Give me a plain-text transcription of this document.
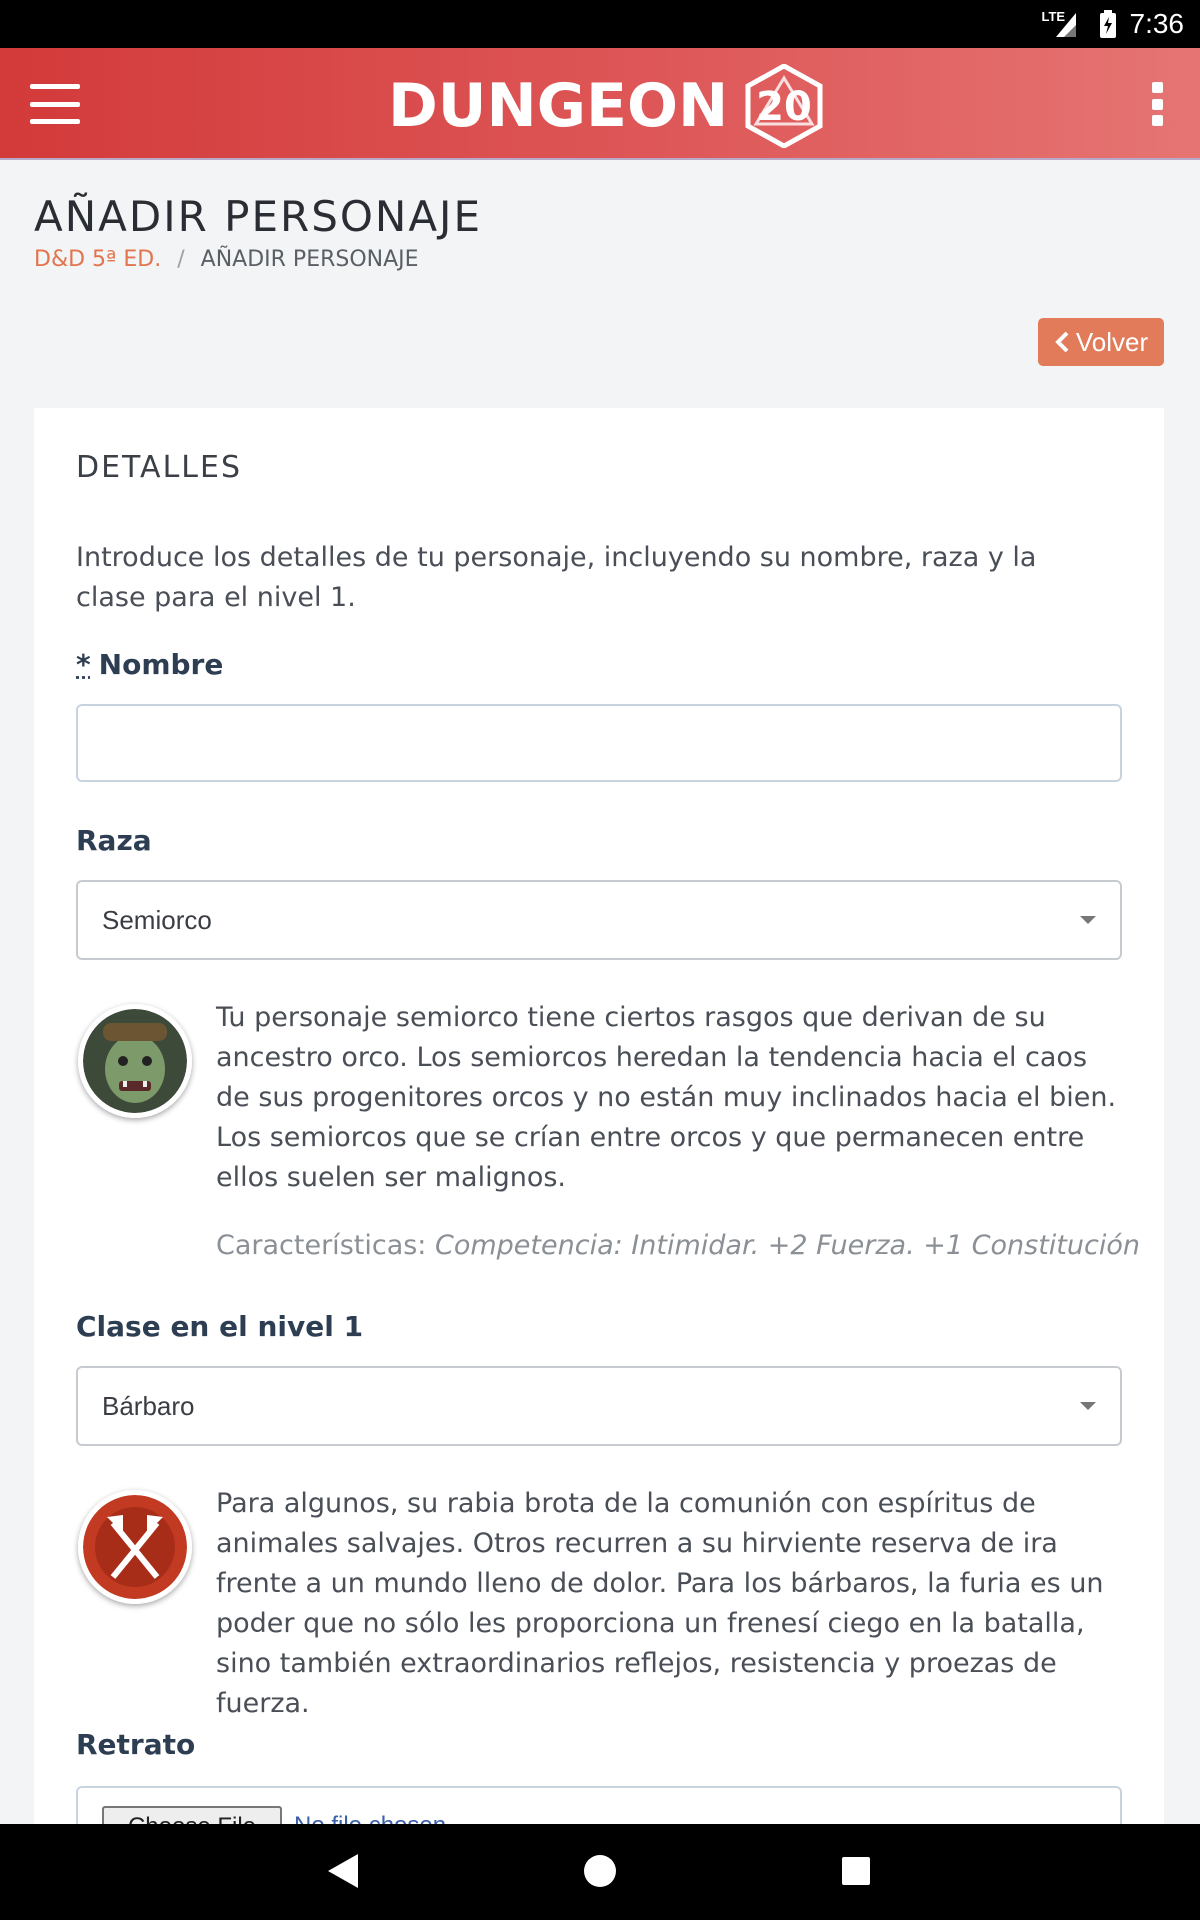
LTE 7:36
DUNGEON 20
AÑADIR PERSONAJE
D&D 5ª ED. / AÑADIR PERSONAJE
Volver
DETALLES
Introduce los detalles de tu personaje, incluyendo su nombre, raza y la clase para el nivel 1.
* Nombre
Raza
Semiorco
Tu personaje semiorco tiene ciertos rasgos que derivan de su ancestro orco. Los semiorcos heredan la tendencia hacia el caos de sus progenitores orcos y no están muy inclinados hacia el bien. Los semiorcos que se crían entre orcos y que permanecen entre ellos suelen ser malignos.
Características: Competencia: Intimidar. +2 Fuerza. +1 Constitución
Clase en el nivel 1
Bárbaro
Para algunos, su rabia brota de la comunión con espíritus de animales salvajes. Otros recurren a su hirviente reserva de ira frente a un mundo lleno de dolor. Para los bárbaros, la furia es un poder que no sólo les proporciona un frenesí ciego en la batalla, sino también extraordinarios reflejos, resistencia y proezas de fuerza.
Retrato
